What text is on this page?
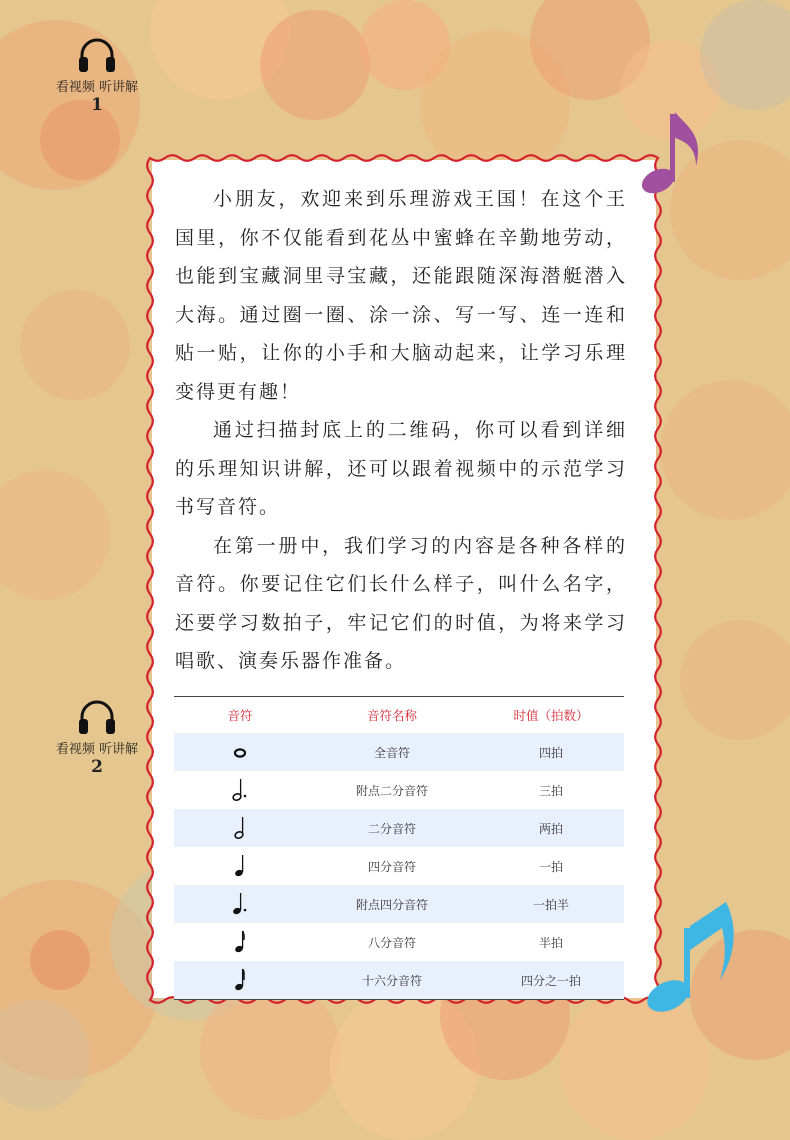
看视频 听讲解
1
看视频 听讲解
2

小朋友，欢迎来到乐理游戏王国！在这个王国里，你不仅能看到花丛中蜜蜂在辛勤地劳动，也能到宝藏洞里寻宝藏，还能跟随深海潜艇潜入大海。通过圈一圈、涂一涂、写一写、连一连和贴一贴，让你的小手和大脑动起来，让学习乐理变得更有趣！

通过扫描封底上的二维码，你可以看到详细的乐理知识讲解，还可以跟着视频中的示范学习书写音符。

在第一册中，我们学习的内容是各种各样的音符。你要记住它们长什么样子，叫什么名字，还要学习数拍子，牢记它们的时值，为将来学习唱歌、演奏乐器作准备。

音符	音符名称	时值（拍数）
	全音符	四拍
	附点二分音符	三拍
	二分音符	两拍
	四分音符	一拍
	附点四分音符	一拍半
	八分音符	半拍
	十六分音符	四分之一拍
